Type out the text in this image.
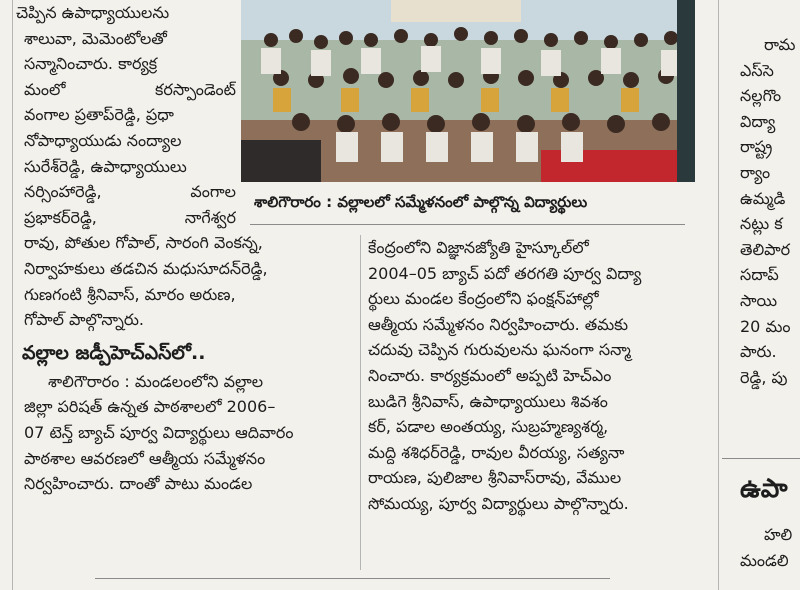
శాలిగౌరారం : వల్లాలలో సమ్మేళనంలో పాల్గొన్న విద్యార్థులు
చెప్పిన ఉపాధ్యాయులను
శాలువా, మెమెంటోలతో
సన్మానించారు. కార్యక్ర
మంలో కరస్పాండెంట్
వంగాల ప్రతాప్‌రెడ్డి, ప్రధా
నోపాధ్యాయుడు నంద్యాల
సురేశ్‌రెడ్డి, ఉపాధ్యాయులు
నర్సింహారెడ్డి, వంగాల
ప్రభాకర్‌రెడ్డి, నాగేశ్వర
రావు, పోతుల గోపాల్, సారంగి వెంకన్న,
నిర్వాహకులు తడచిన మధుసూదన్‌రెడ్డి,
గుణగంటి శ్రీనివాస్, మారం అరుణ,
గోపాల్ పాల్గొన్నారు.
వల్లాల జడ్పీహెచ్‌ఎస్‌లో..
శాలిగౌరారం : మండలంలోని వల్లాల
జిల్లా పరిషత్ ఉన్నత పాఠశాలలో 2006–
07 టెన్త్ బ్యాచ్ పూర్వ విద్యార్థులు ఆదివారం
పాఠశాల ఆవరణలో ఆత్మీయ సమ్మేళనం
నిర్వహించారు. దాంతో పాటు మండల
కేంద్రంలోని విజ్ఞానజ్యోతి హైస్కూల్‌లో
2004–05 బ్యాచ్ పదో తరగతి పూర్వ విద్యా
ర్థులు మండల కేంద్రంలోని ఫంక్షన్‌హాల్లో
ఆత్మీయ సమ్మేళనం నిర్వహించారు. తమకు
చదువు చెప్పిన గురువులను ఘనంగా సన్మా
నించారు. కార్యక్రమంలో అప్పటి హెచ్‌ఎం
బుడిగె శ్రీనివాస్, ఉపాధ్యాయులు శివశం
కర్, పడాల అంతయ్య, సుబ్రహ్మణ్యశర్మ,
మద్ది శశిధర్‌రెడ్డి, రావుల వీరయ్య, సత్యనా
రాయణ, పులిజాల శ్రీనివాస్‌రావు, వేముల
సోమయ్య, పూర్వ విద్యార్థులు పాల్గొన్నారు.
రామ
ఎస్‌సె
నల్లగొం
విద్యా
రాష్ట్ర
ర్యాం
ఉమ్మడి
నట్లు క
తెలిపార
సదాప్
సాయి
20 మం
పారు.
రెడ్డి, పు
ఉపా
హలి
మండలి
